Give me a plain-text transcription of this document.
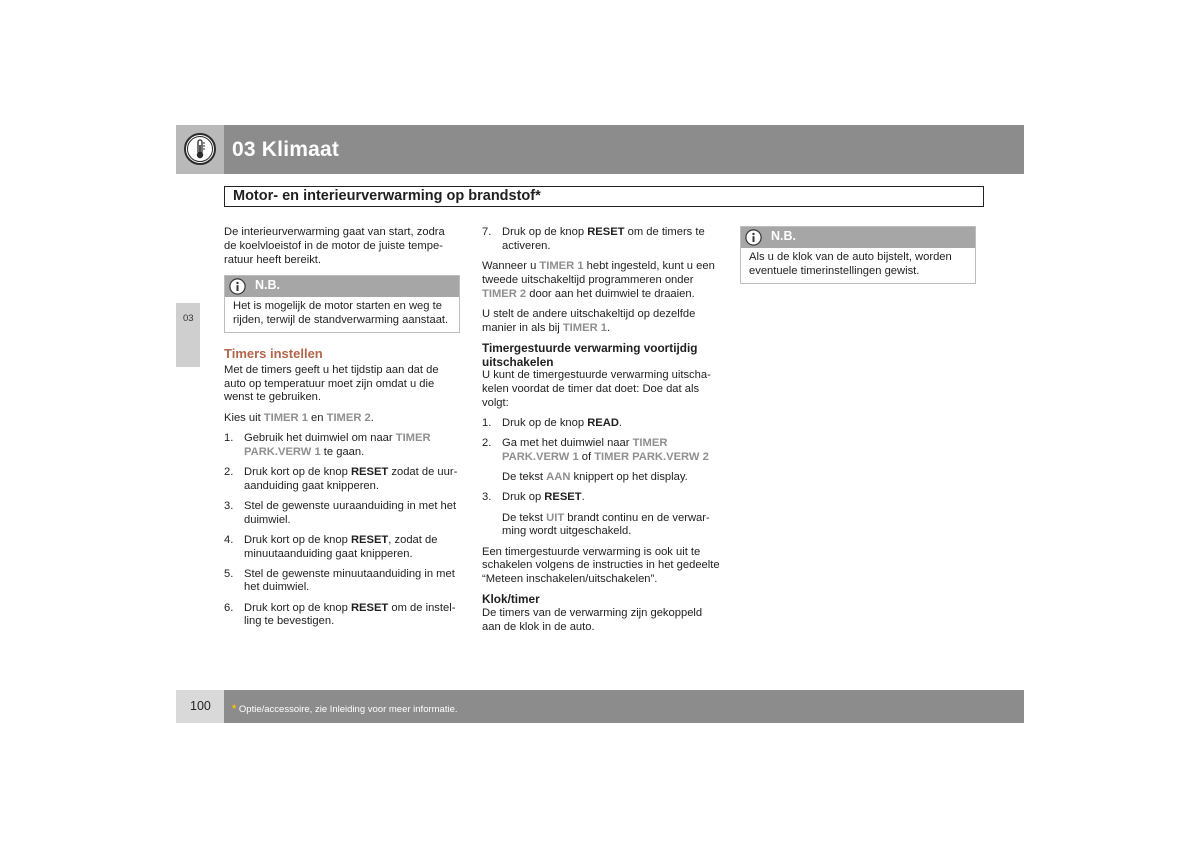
03 Klimaat
Motor- en interieurverwarming op brandstof*
03

De interieurverwarming gaat van start, zodra de koelvloeistof in de motor de juiste tempe-ratuur heeft bereikt.

N.B.
Het is mogelijk de motor starten en weg te rijden, terwijl de standverwarming aanstaat.
Timers instellen

Met de timers geeft u het tijdstip aan dat de auto op temperatuur moet zijn omdat u die wenst te gebruiken.

Kies uit TIMER 1 en TIMER 2.

1. Gebruik het duimwiel om naar TIMER PARK.VERW 1 te gaan.
2. Druk kort op de knop RESET zodat de uur-aanduiding gaat knipperen.
3. Stel de gewenste uuraanduiding in met het duimwiel.
4. Druk kort op de knop RESET, zodat de minuutaanduiding gaat knipperen.
5. Stel de gewenste minuutaanduiding in met het duimwiel.
6. Druk kort op de knop RESET om de instel-ling te bevestigen.
7. Druk op de knop RESET om de timers te activeren.

Wanneer u TIMER 1 hebt ingesteld, kunt u een tweede uitschakeltijd programmeren onder TIMER 2 door aan het duimwiel te draaien.

U stelt de andere uitschakeltijd op dezelfde manier in als bij TIMER 1.

Timergestuurde verwarming voortijdig uitschakelen

U kunt de timergestuurde verwarming uitscha-kelen voordat de timer dat doet: Doe dat als volgt:

1. Druk op de knop READ.
2. Ga met het duimwiel naar TIMER PARK.VERW 1 of TIMER PARK.VERW 2

De tekst AAN knippert op het display.

3. Druk op RESET.

De tekst UIT brandt continu en de verwar-ming wordt uitgeschakeld.

Een timergestuurde verwarming is ook uit te schakelen volgens de instructies in het gedeelte “Meteen inschakelen/uitschakelen”.

Klok/timer

De timers van de verwarming zijn gekoppeld aan de klok in de auto.

N.B.
Als u de klok van de auto bijstelt, worden eventuele timerinstellingen gewist.
100 * Optie/accessoire, zie Inleiding voor meer informatie.
